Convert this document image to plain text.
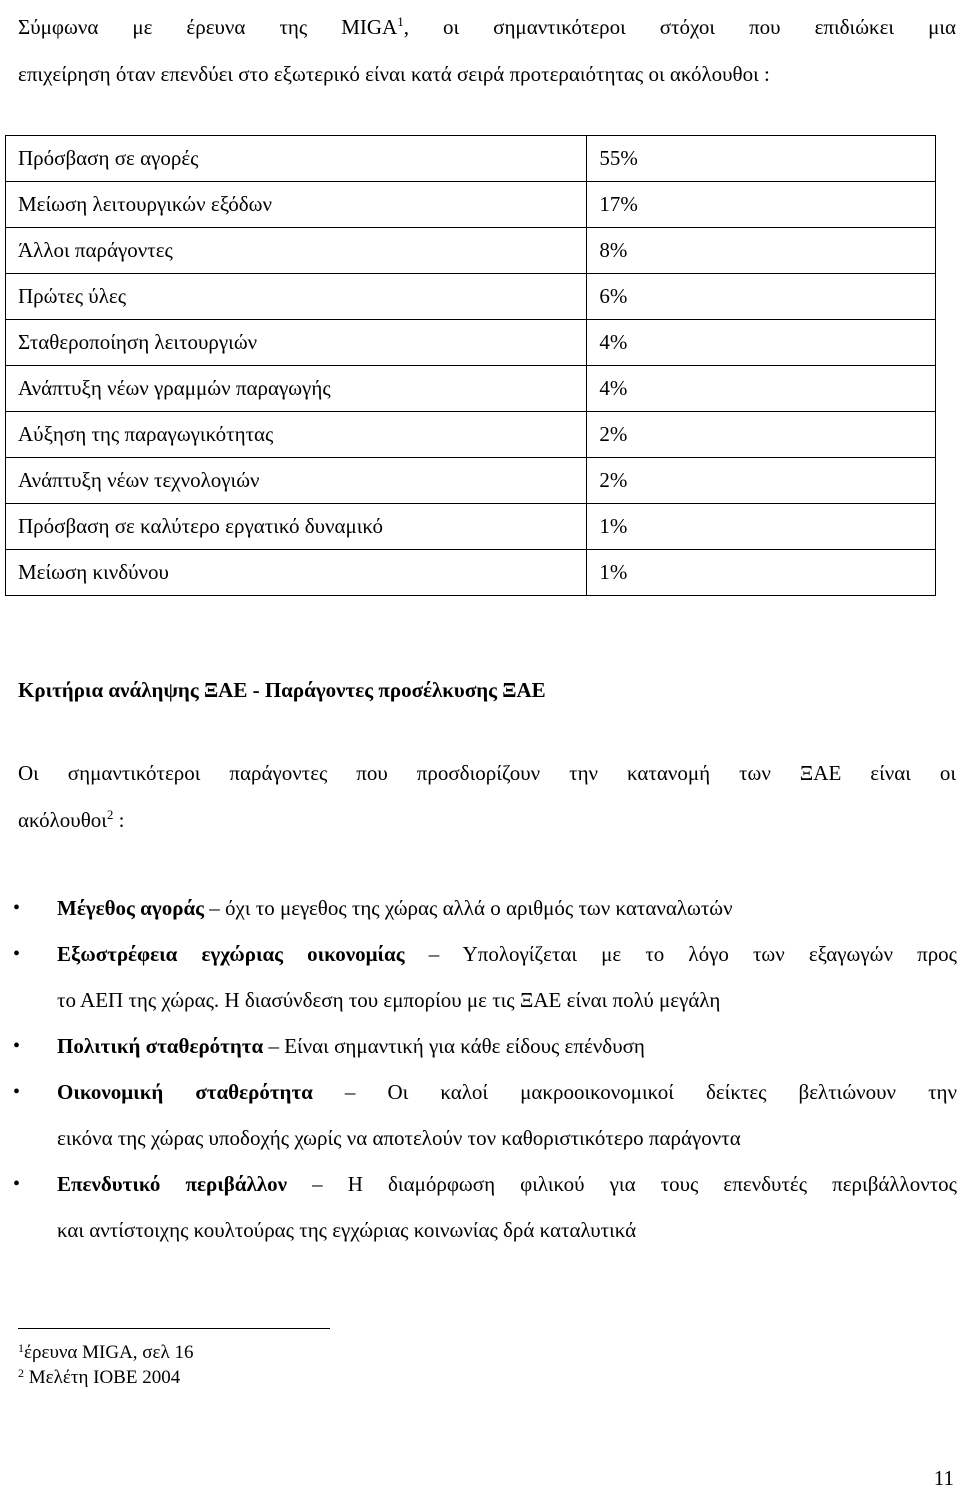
Σύμφωνα με έρευνα της MIGA$^1$, οι σημαντικότεροι στόχοι που επιδιώκει μια
επιχείρηση όταν επενδύει στο εξωτερικό είναι κατά σειρά προτεραιότητας οι ακόλουθοι :

Πρόσβαση σε αγορές	55%
Μείωση λειτουργικών εξόδων	17%
Άλλοι παράγοντες	8%
Πρώτες ύλες	6%
Σταθεροποίηση λειτουργιών	4%
Ανάπτυξη νέων γραμμών παραγωγής	4%
Αύξηση της παραγωγικότητας	2%
Ανάπτυξη νέων τεχνολογιών	2%
Πρόσβαση σε καλύτερο εργατικό δυναμικό	1%
Μείωση κινδύνου	1%
Κριτήρια ανάληψης ΞΑΕ - Παράγοντες προσέλκυσης ΞΑΕ

Οι σημαντικότεροι παράγοντες που προσδιορίζουν την κατανομή των ΞΑΕ είναι οι
ακόλουθοι$^2$ :

• Μέγεθος αγοράς – όχι το μεγεθος της χώρας αλλά ο αριθμός των καταναλωτών
• Εξωστρέφεια εγχώριας οικονομίας – Υπολογίζεται με το λόγο των εξαγωγών προς
το ΑΕΠ της χώρας. Η διασύνδεση του εμπορίου με τις ΞΑΕ είναι πολύ μεγάλη
• Πολιτική σταθερότητα – Είναι σημαντική για κάθε είδους επένδυση
• Οικονομική σταθερότητα – Οι καλοί μακροοικονομικοί δείκτες βελτιώνουν την
εικόνα της χώρας υποδοχής χωρίς να αποτελούν τον καθοριστικότερο παράγοντα
• Επενδυτικό περιβάλλον – Η διαμόρφωση φιλικού για τους επενδυτές περιβάλλοντος
και αντίστοιχης κουλτούρας της εγχώριας κοινωνίας δρά καταλυτικά
$^1$έρευνα MIGA, σελ 16
$^2$ Μελέτη ΙΟΒΕ 2004
11
